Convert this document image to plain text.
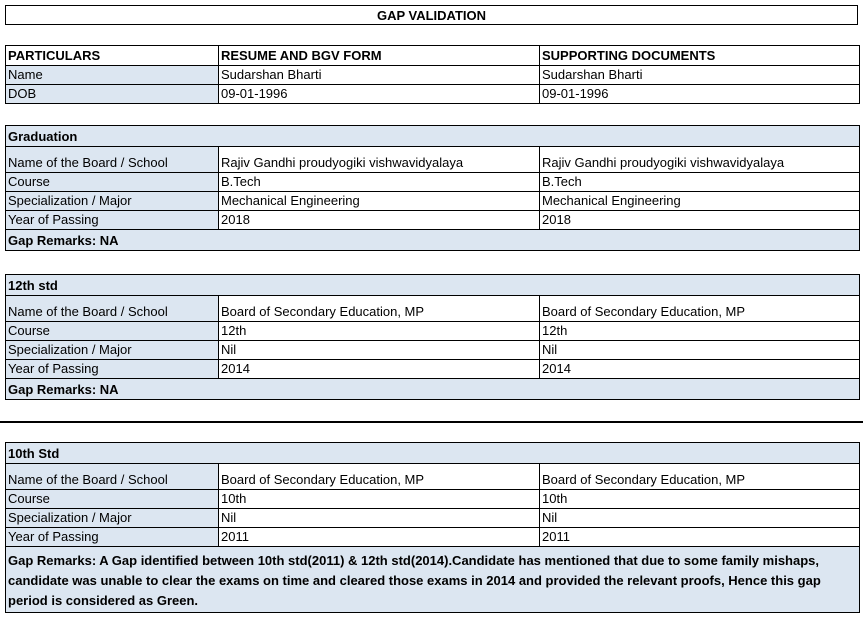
GAP VALIDATION
PARTICULARS	RESUME AND BGV FORM	SUPPORTING DOCUMENTS
Name	Sudarshan Bharti	Sudarshan Bharti
DOB	09-01-1996	09-01-1996
Graduation		
Name of the Board / School	Rajiv Gandhi proudyogiki vishwavidyalaya	Rajiv Gandhi proudyogiki vishwavidyalaya
Course	B.Tech	B.Tech
Specialization / Major	Mechanical Engineering	Mechanical Engineering
Year of Passing	2018	2018
Gap Remarks: NA		
12th std		
Name of the Board / School	Board of Secondary Education, MP	Board of Secondary Education, MP
Course	12th	12th
Specialization / Major	Nil	Nil
Year of Passing	2014	2014
Gap Remarks: NA		
10th Std		
Name of the Board / School	Board of Secondary Education, MP	Board of Secondary Education, MP
Course	10th	10th
Specialization / Major	Nil	Nil
Year of Passing	2011	2011
Gap Remarks: A Gap identified between 10th std(2011) & 12th std(2014).Candidate has mentioned that due to some family mishaps, candidate was unable to clear the exams on time and cleared those exams in 2014 and provided the relevant proofs, Hence this gap period is considered as Green.		
